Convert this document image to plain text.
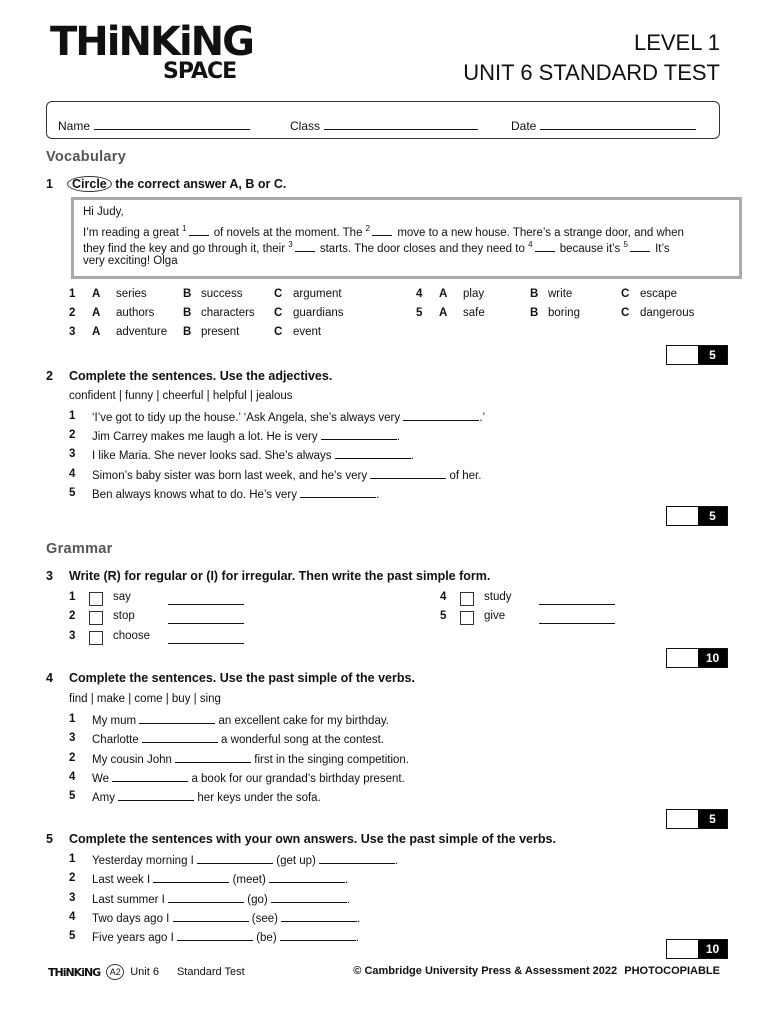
THiNKiNG
SPACE
LEVEL 1
UNIT 6 STANDARD TEST
Name	Class	Date
Vocabulary
1	Circle the correct answer A, B or C.
Hi Judy,
I’m reading a great $^1$ of novels at the moment. The $^2$ move to a new house. There’s a strange door, and when
they find the key and go through it, their $^3$ starts. The door closes and they need to $^4$ because it’s $^5$ It’s
very exciting! Olga
1 A series	B success	C argument
2 A authors B characters C guardians
3 A adventure B present	C event
4 A play	B write	C escape
5 A safe	B boring	C dangerous
5
2 Complete the sentences. Use the adjectives.
confident | funny | cheerful | helpful | jealous
1 ‘I’ve got to tidy up the house.’ ‘Ask Angela, she’s always very	.’
2 Jim Carrey makes me laugh a lot. He is very	.
3 I like Maria. She never looks sad. She’s always	.
4 Simon’s baby sister was born last week, and he’s very	of her.
5 Ben always knows what to do. He’s very	.
5
Grammar
3 Write (R) for regular or (I) for irregular. Then write the past simple form.
1	say
2	stop
3	choose
4	study
5	give
10
4 Complete the sentences. Use the past simple of the verbs.
find | make | come | buy | sing
1 My mum	an excellent cake for my birthday.
3 Charlotte	a wonderful song at the contest.
2 My cousin John	first in the singing competition.
4 We	a book for our grandad’s birthday present.
5 Amy	her keys under the sofa.
5
5 Complete the sentences with your own answers. Use the past simple of the verbs.
1 Yesterday morning I	(get up)	.
2 Last week I	(meet)	.
3 Last summer I	(go)	.
4 Two days ago I	(see)	.
5 Five years ago I	(be)	.
10
THiNKiNG	A2 Unit 6 Standard Test	© Cambridge University Press & Assessment 2022 PHOTOCOPIABLE
